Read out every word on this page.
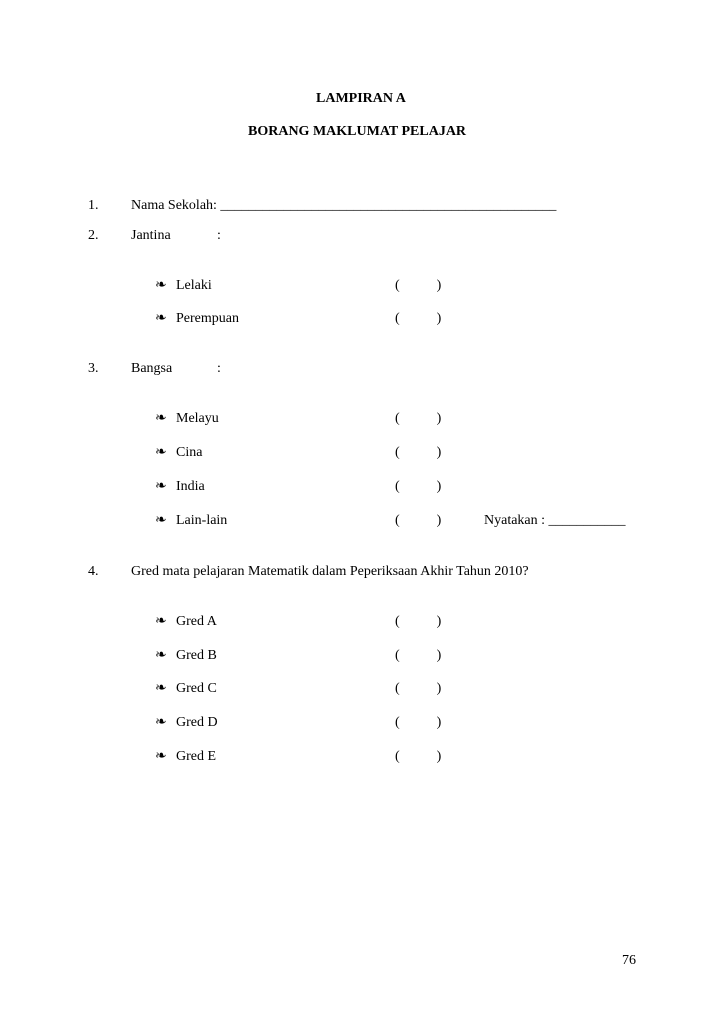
LAMPIRAN A
BORANG MAKLUMAT PELAJAR
1. Nama Sekolah: ________________________________________________
2. Jantina	:
❧ Lelaki	(	)
❧ Perempuan	(	)
3. Bangsa	:
❧ Melayu	(	)
❧ Cina	(	)
❧ India	(	)
❧ Lain-lain	(	)	Nyatakan : ___________
4. Gred mata pelajaran Matematik dalam Peperiksaan Akhir Tahun 2010?
❧ Gred A	(	)
❧ Gred B	(	)
❧ Gred C	(	)
❧ Gred D	(	)
❧ Gred E	(	)
76
